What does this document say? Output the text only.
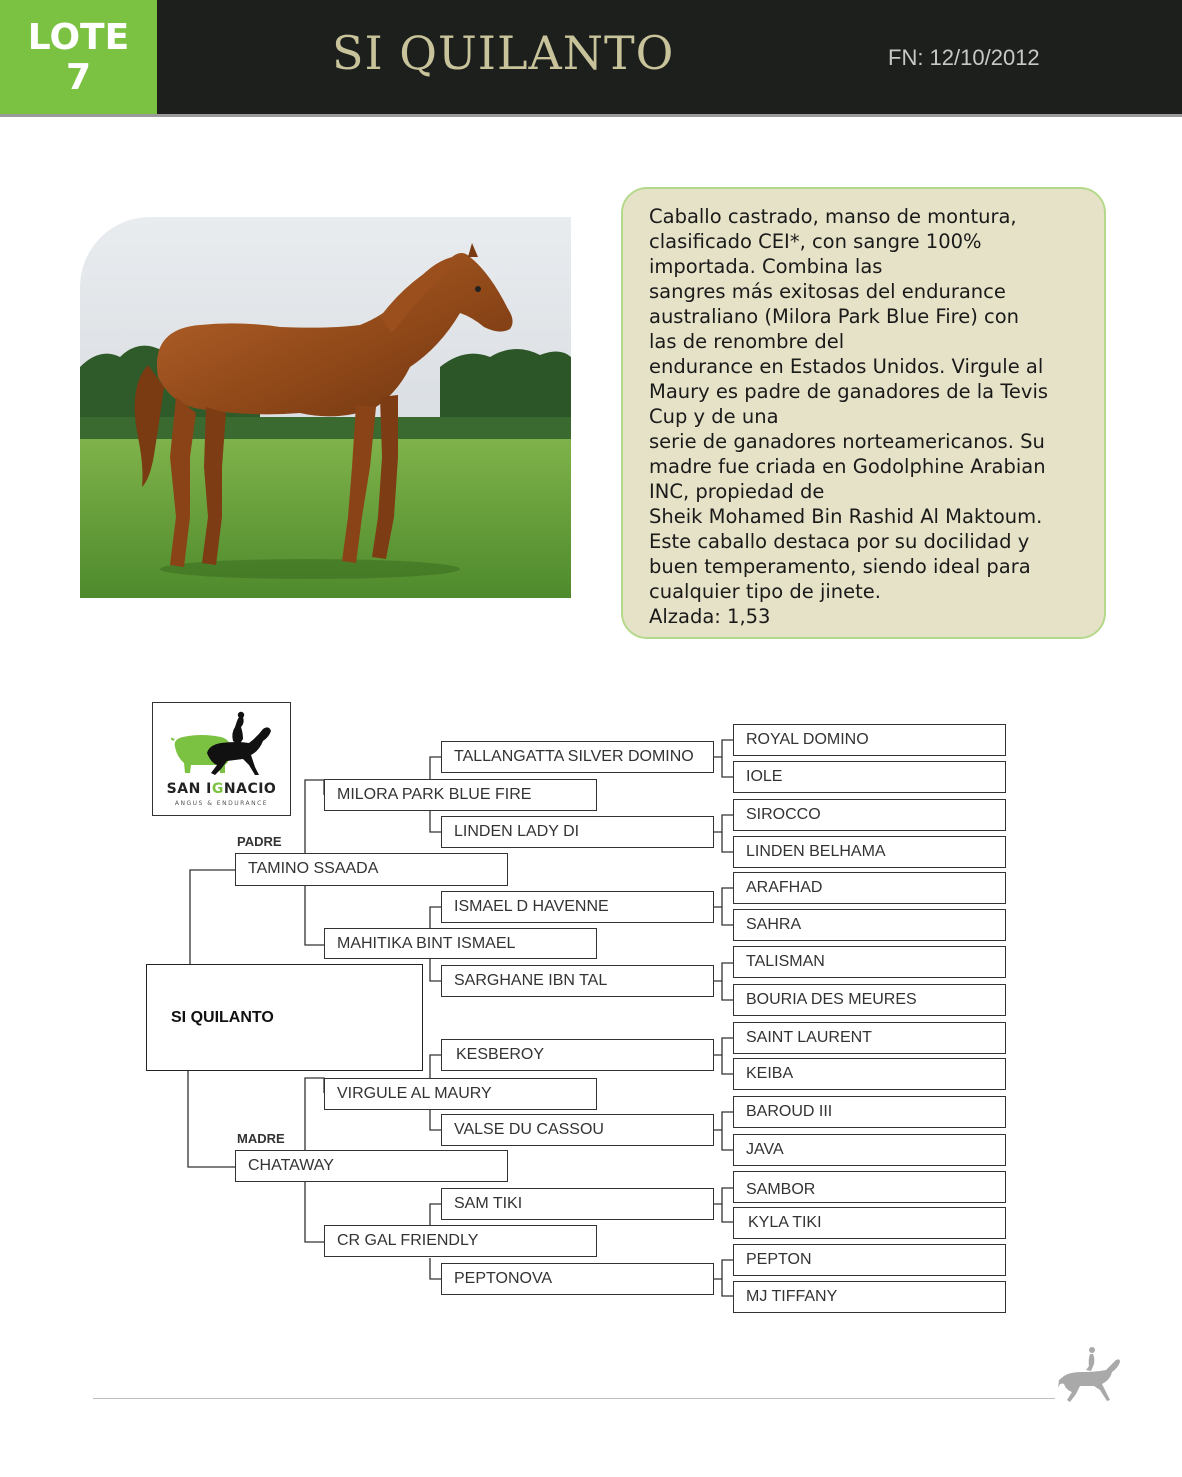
LOTE
7	SI QUILANTO	FN: 12/10/2012
Caballo castrado, manso de montura,
clasificado CEI*, con sangre 100%
importada. Combina las
sangres más exitosas del endurance
australiano (Milora Park Blue Fire) con
las de renombre del
endurance en Estados Unidos. Virgule al
Maury es padre de ganadores de la Tevis
Cup y de una
serie de ganadores norteamericanos. Su
madre fue criada en Godolphine Arabian
INC, propiedad de
Sheik Mohamed Bin Rashid Al Maktoum.
Este caballo destaca por su docilidad y
buen temperamento, siendo ideal para
cualquier tipo de jinete.
Alzada: 1,53
SAN IGNACIO
ANGUS & ENDURANCE
SI QUILANTO
PADRE
MADRE
TAMINO SSAADA
CHATAWAY
MILORA PARK BLUE FIRE
MAHITIKA BINT ISMAEL
VIRGULE AL MAURY
CR GAL FRIENDLY
TALLANGATTA SILVER DOMINO
LINDEN LADY DI
ISMAEL D HAVENNE
SARGHANE IBN TAL
KESBEROY
VALSE DU CASSOU
SAM TIKI
PEPTONOVA
ROYAL DOMINO
IOLE
SIROCCO
LINDEN BELHAMA
ARAFHAD
SAHRA
TALISMAN
BOURIA DES MEURES
SAINT LAURENT
KEIBA
BAROUD III
JAVA
SAMBOR
KYLA TIKI
PEPTON
MJ TIFFANY
